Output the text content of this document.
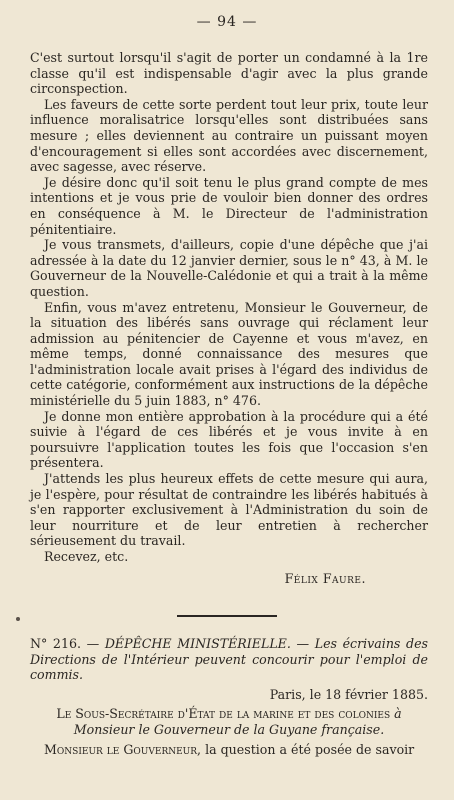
— 94 —

C'est surtout lorsqu'il s'agit de porter un condamné à la 1re classe qu'il est indispensable d'agir avec la plus grande circonspection.

Les faveurs de cette sorte perdent tout leur prix, toute leur influence moralisatrice lorsqu'elles sont distribuées sans mesure ; elles deviennent au contraire un puissant moyen d'encouragement si elles sont accordées avec discernement, avec sagesse, avec réserve.

Je désire donc qu'il soit tenu le plus grand compte de mes intentions et je vous prie de vouloir bien donner des ordres en conséquence à M. le Directeur de l'administration pénitentiaire.

Je vous transmets, d'ailleurs, copie d'une dépêche que j'ai adressée à la date du 12 janvier dernier, sous le n° 43, à M. le Gouverneur de la Nouvelle-Calédonie et qui a trait à la même question.

Enfin, vous m'avez entretenu, Monsieur le Gouverneur, de la situation des libérés sans ouvrage qui réclament leur admission au pénitencier de Cayenne et vous m'avez, en même temps, donné connaissance des mesures que l'administration locale avait prises à l'égard des individus de cette catégorie, conformément aux instructions de la dépêche ministérielle du 5 juin 1883, n° 476.

Je donne mon entière approbation à la procédure qui a été suivie à l'égard de ces libérés et je vous invite à en poursuivre l'application toutes les fois que l'occasion s'en présentera.

J'attends les plus heureux effets de cette mesure qui aura, je l'espère, pour résultat de contraindre les libérés habitués à s'en rapporter exclusivement à l'Administration du soin de leur nourriture et de leur entretien à rechercher sérieusement du travail.

Recevez, etc.

Félix Faure.
N° 216. — DÉPÊCHE MINISTÉRIELLE. — Les écrivains des Directions de l'Intérieur peuvent concourir pour l'emploi de commis.
Paris, le 18 février 1885.
Le Sous-Secrétaire d'État de la marine et des colonies à Monsieur le Gouverneur de la Guyane française.
Monsieur le Gouverneur, la question a été posée de savoir
